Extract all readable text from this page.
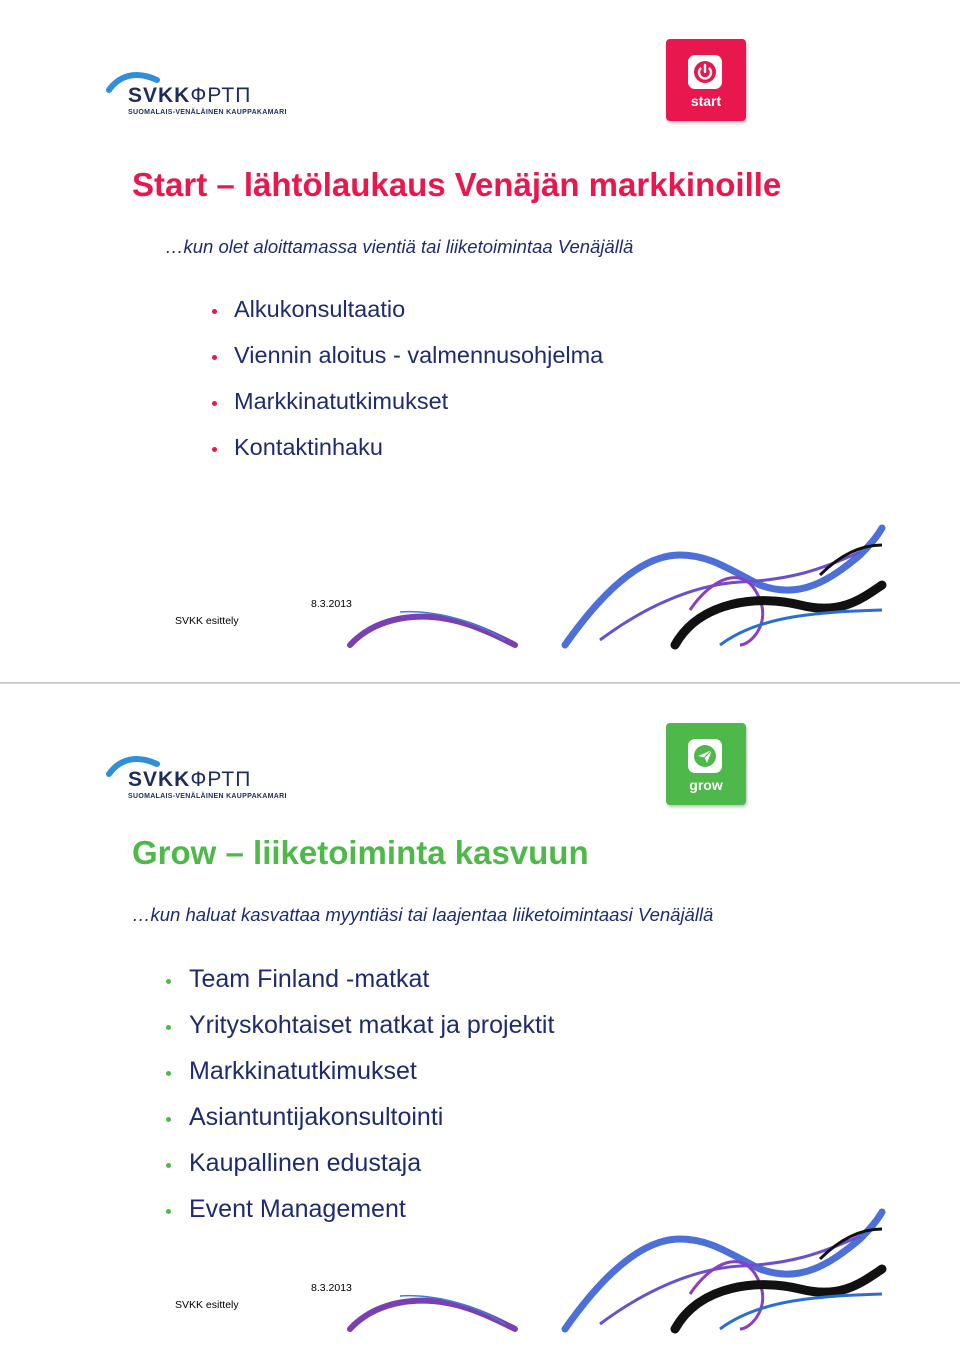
SVKKФРТП
SUOMALAIS-VENÄLÄINEN KAUPPAKAMARI
start
Start – lähtölaukaus Venäjän markkinoille

…kun olet aloittamassa vientiä tai liiketoimintaa Venäjällä

Alkukonsultaatio
Viennin aloitus - valmennusohjelma
Markkinatutkimukset
Kontaktinhaku
SVKK esittely
8.3.2013
SVKKФРТП
SUOMALAIS-VENÄLÄINEN KAUPPAKAMARI
grow
Grow – liiketoiminta kasvuun

…kun haluat kasvattaa myyntiäsi tai laajentaa liiketoimintaasi Venäjällä

Team Finland -matkat
Yrityskohtaiset matkat ja projektit
Markkinatutkimukset
Asiantuntijakonsultointi
Kaupallinen edustaja
Event Management
SVKK esittely
8.3.2013
